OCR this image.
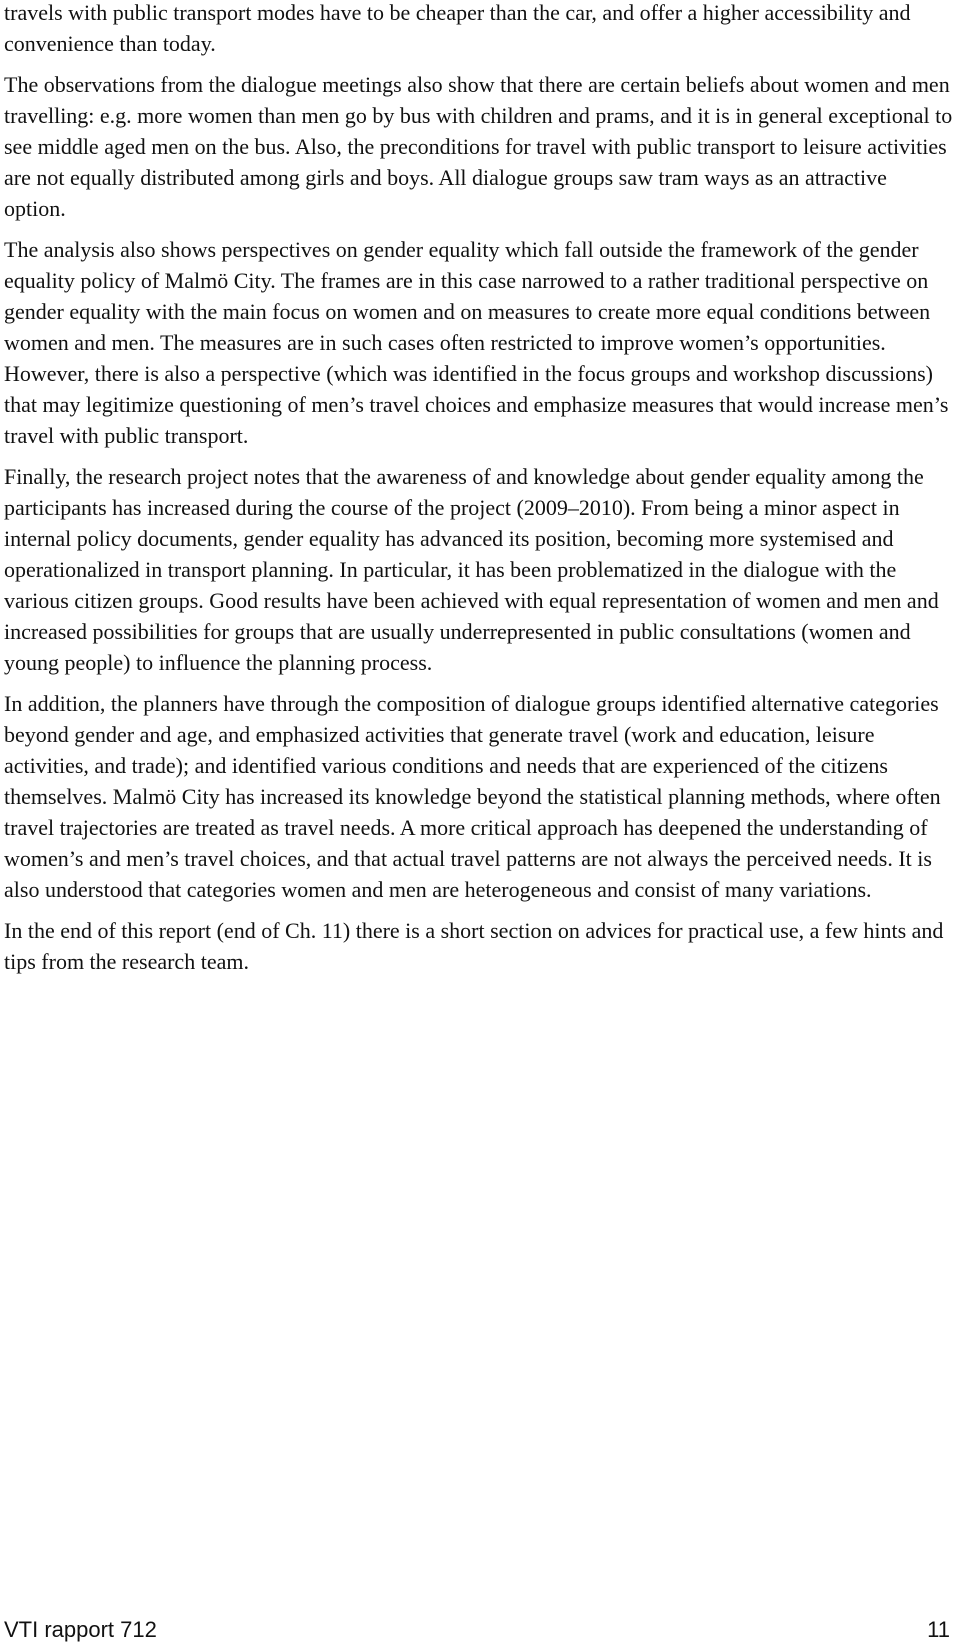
travels with public transport modes have to be cheaper than the car, and offer a higher accessibility and convenience than today.

The observations from the dialogue meetings also show that there are certain beliefs about women and men travelling: e.g. more women than men go by bus with children and prams, and it is in general exceptional to see middle aged men on the bus. Also, the preconditions for travel with public transport to leisure activities are not equally distributed among girls and boys. All dialogue groups saw tram ways as an attractive option.

The analysis also shows perspectives on gender equality which fall outside the framework of the gender equality policy of Malmö City. The frames are in this case narrowed to a rather traditional perspective on gender equality with the main focus on women and on measures to create more equal conditions between women and men. The measures are in such cases often restricted to improve women’s opportunities. However, there is also a perspective (which was identified in the focus groups and workshop discussions) that may legitimize questioning of men’s travel choices and emphasize measures that would increase men’s travel with public transport.

Finally, the research project notes that the awareness of and knowledge about gender equality among the participants has increased during the course of the project (2009–2010). From being a minor aspect in internal policy documents, gender equality has advanced its position, becoming more systemised and operationalized in transport planning. In particular, it has been problematized in the dialogue with the various citizen groups. Good results have been achieved with equal representation of women and men and increased possibilities for groups that are usually underrepresented in public consultations (women and young people) to influence the planning process.

In addition, the planners have through the composition of dialogue groups identified alternative categories beyond gender and age, and emphasized activities that generate travel (work and education, leisure activities, and trade); and identified various conditions and needs that are experienced of the citizens themselves. Malmö City has increased its knowledge beyond the statistical planning methods, where often travel trajectories are treated as travel needs. A more critical approach has deepened the understanding of women’s and men’s travel choices, and that actual travel patterns are not always the perceived needs. It is also understood that categories women and men are heterogeneous and consist of many variations.

In the end of this report (end of Ch. 11) there is a short section on advices for practical use, a few hints and tips from the research team.

VTI rapport 712	11
